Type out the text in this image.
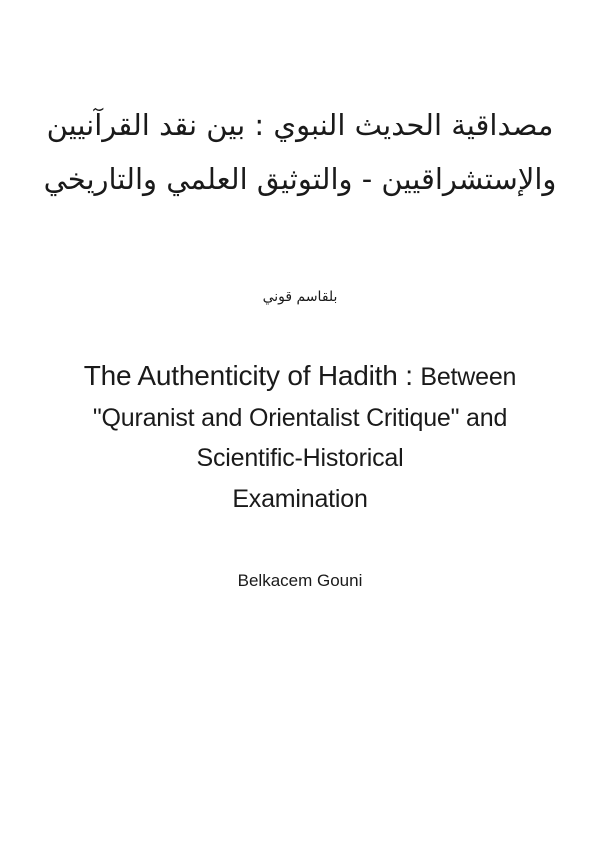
مصداقية الحديث النبوي : بين نقد القرآنيين والإستشراقيين - والتوثيق العلمي والتاريخي

بلقاسم قوني

The Authenticity of Hadith : Between
"Quranist and Orientalist Critique" and
Scientific-Historical
Examination

Belkacem Gouni
